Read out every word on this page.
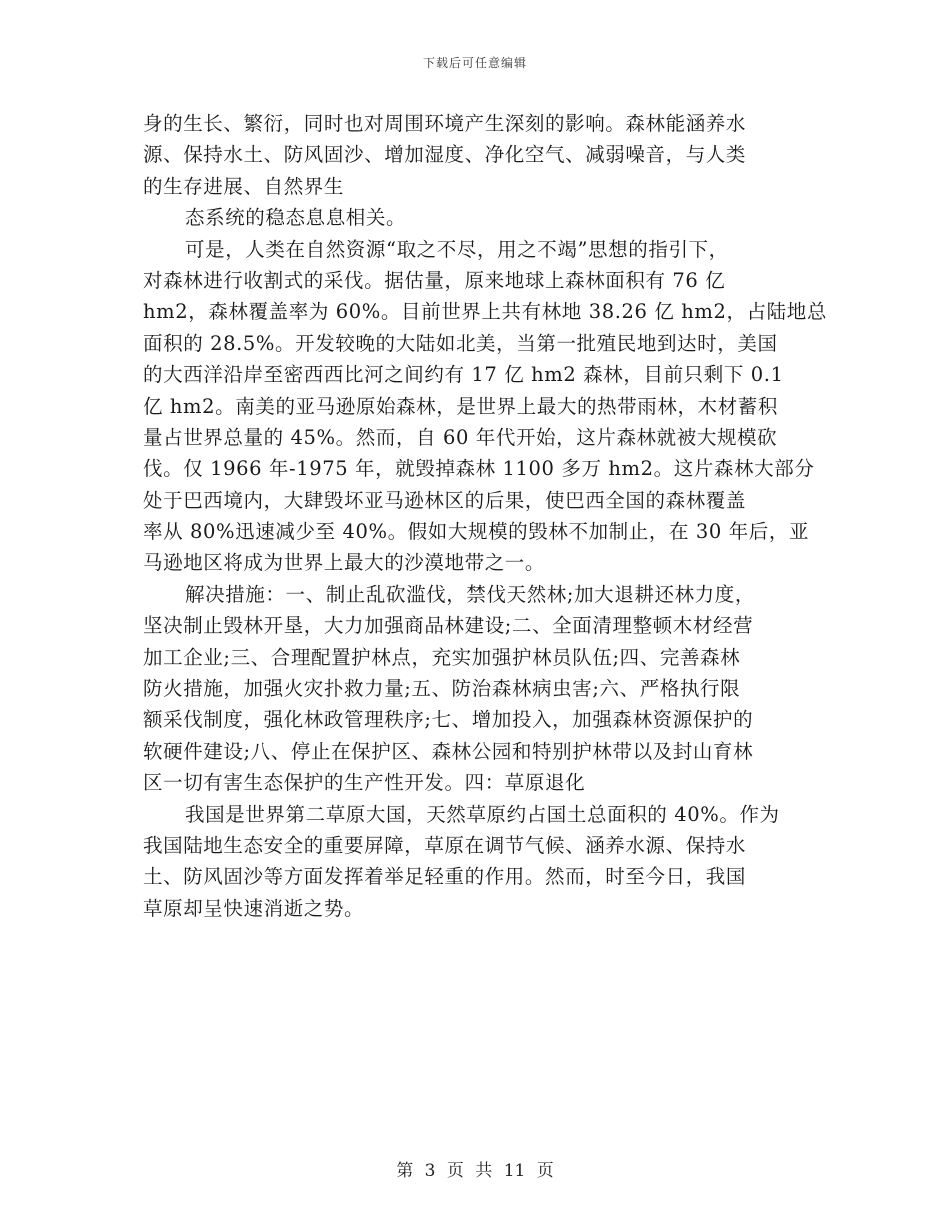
下载后可任意编辑
身的生长、繁衍，同时也对周围环境产生深刻的影响。森林能涵养水
源、保持水土、防风固沙、增加湿度、净化空气、减弱噪音，与人类
的生存进展、自然界生
态系统的稳态息息相关。
可是，人类在自然资源“取之不尽，用之不竭”思想的指引下，
对森林进行收割式的采伐。据估量，原来地球上森林面积有 76 亿
hm2，森林覆盖率为 60%。目前世界上共有林地 38.26 亿 hm2，占陆地总
面积的 28.5%。开发较晚的大陆如北美，当第一批殖民地到达时，美国
的大西洋沿岸至密西西比河之间约有 17 亿 hm2 森林，目前只剩下 0.1
亿 hm2。南美的亚马逊原始森林，是世界上最大的热带雨林，木材蓄积
量占世界总量的 45%。然而，自 60 年代开始，这片森林就被大规模砍
伐。仅 1966 年-1975 年，就毁掉森林 1100 多万 hm2。这片森林大部分
处于巴西境内，大肆毁坏亚马逊林区的后果，使巴西全国的森林覆盖
率从 80%迅速减少至 40%。假如大规模的毁林不加制止，在 30 年后，亚
马逊地区将成为世界上最大的沙漠地带之一。
解决措施：一、制止乱砍滥伐，禁伐天然林;加大退耕还林力度，
坚决制止毁林开垦，大力加强商品林建设;二、全面清理整顿木材经营
加工企业;三、合理配置护林点，充实加强护林员队伍;四、完善森林
防火措施，加强火灾扑救力量;五、防治森林病虫害;六、严格执行限
额采伐制度，强化林政管理秩序;七、增加投入，加强森林资源保护的
软硬件建设;八、停止在保护区、森林公园和特别护林带以及封山育林
区一切有害生态保护的生产性开发。四：草原退化
我国是世界第二草原大国，天然草原约占国土总面积的 40%。作为
我国陆地生态安全的重要屏障，草原在调节气候、涵养水源、保持水
土、防风固沙等方面发挥着举足轻重的作用。然而，时至今日，我国
草原却呈快速消逝之势。
第 3 页 共 11 页
